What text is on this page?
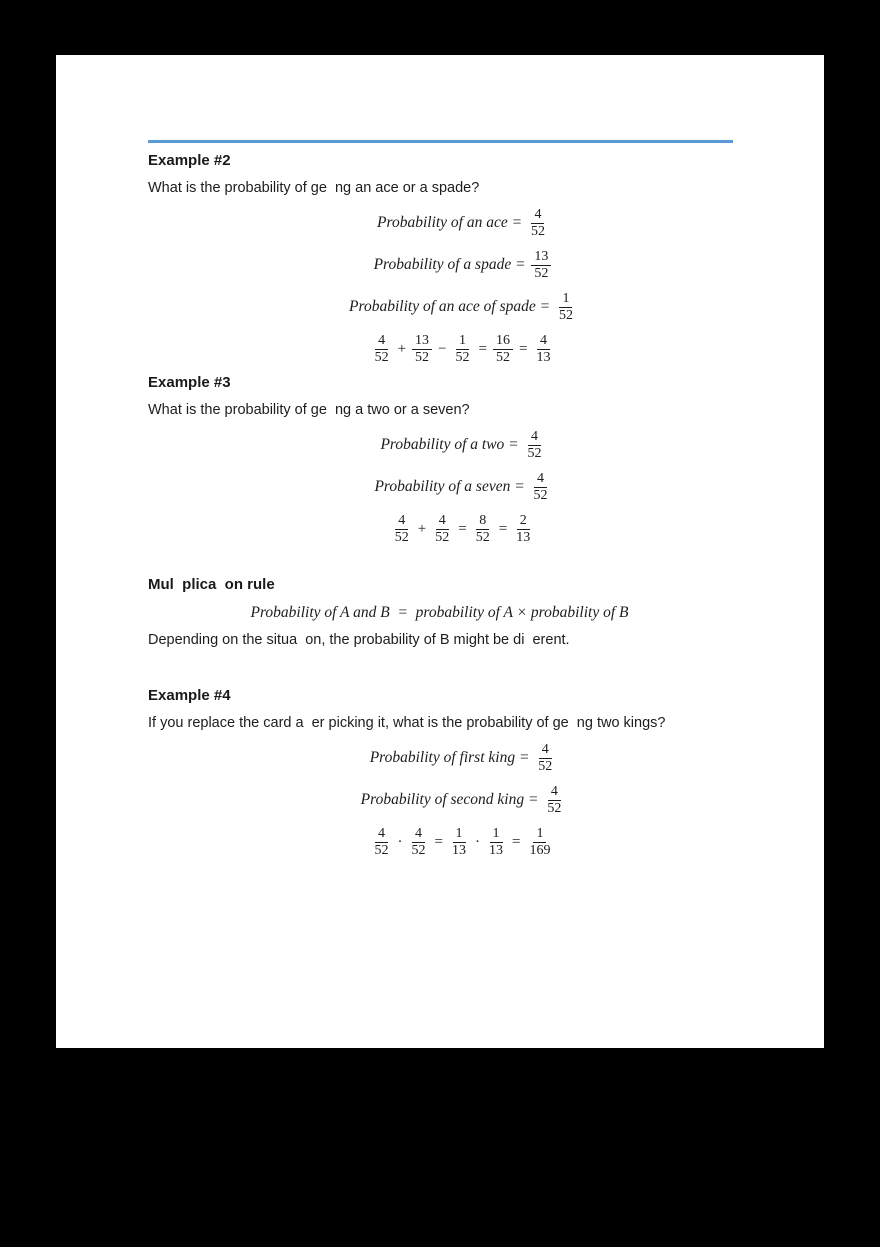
Example #2

What is the probability of ge  ng an ace or a spade?

Probability of an ace = $\frac{4}{52}$
Probability of a spade = $\frac{13}{52}$
Probability of an ace of spade = $\frac{1}{52}$
$\frac{4}{52} + \frac{13}{52} - \frac{1}{52} = \frac{16}{52} = \frac{4}{13}$
Example #3

What is the probability of ge  ng a two or a seven?

Probability of a two = $\frac{4}{52}$
Probability of a seven = $\frac{4}{52}$
$\frac{4}{52} + \frac{4}{52} = \frac{8}{52} = \frac{2}{13}$
Mul  plica  on rule
Probability of A and B  =  probability of A × probability of B

Depending on the situa  on, the probability of B might be di  erent.

Example #4

If you replace the card a  er picking it, what is the probability of ge  ng two kings?

Probability of first king = $\frac{4}{52}$
Probability of second king = $\frac{4}{52}$
$\frac{4}{52} \cdot \frac{4}{52} = \frac{1}{13} \cdot \frac{1}{13} = \frac{1}{169}$
